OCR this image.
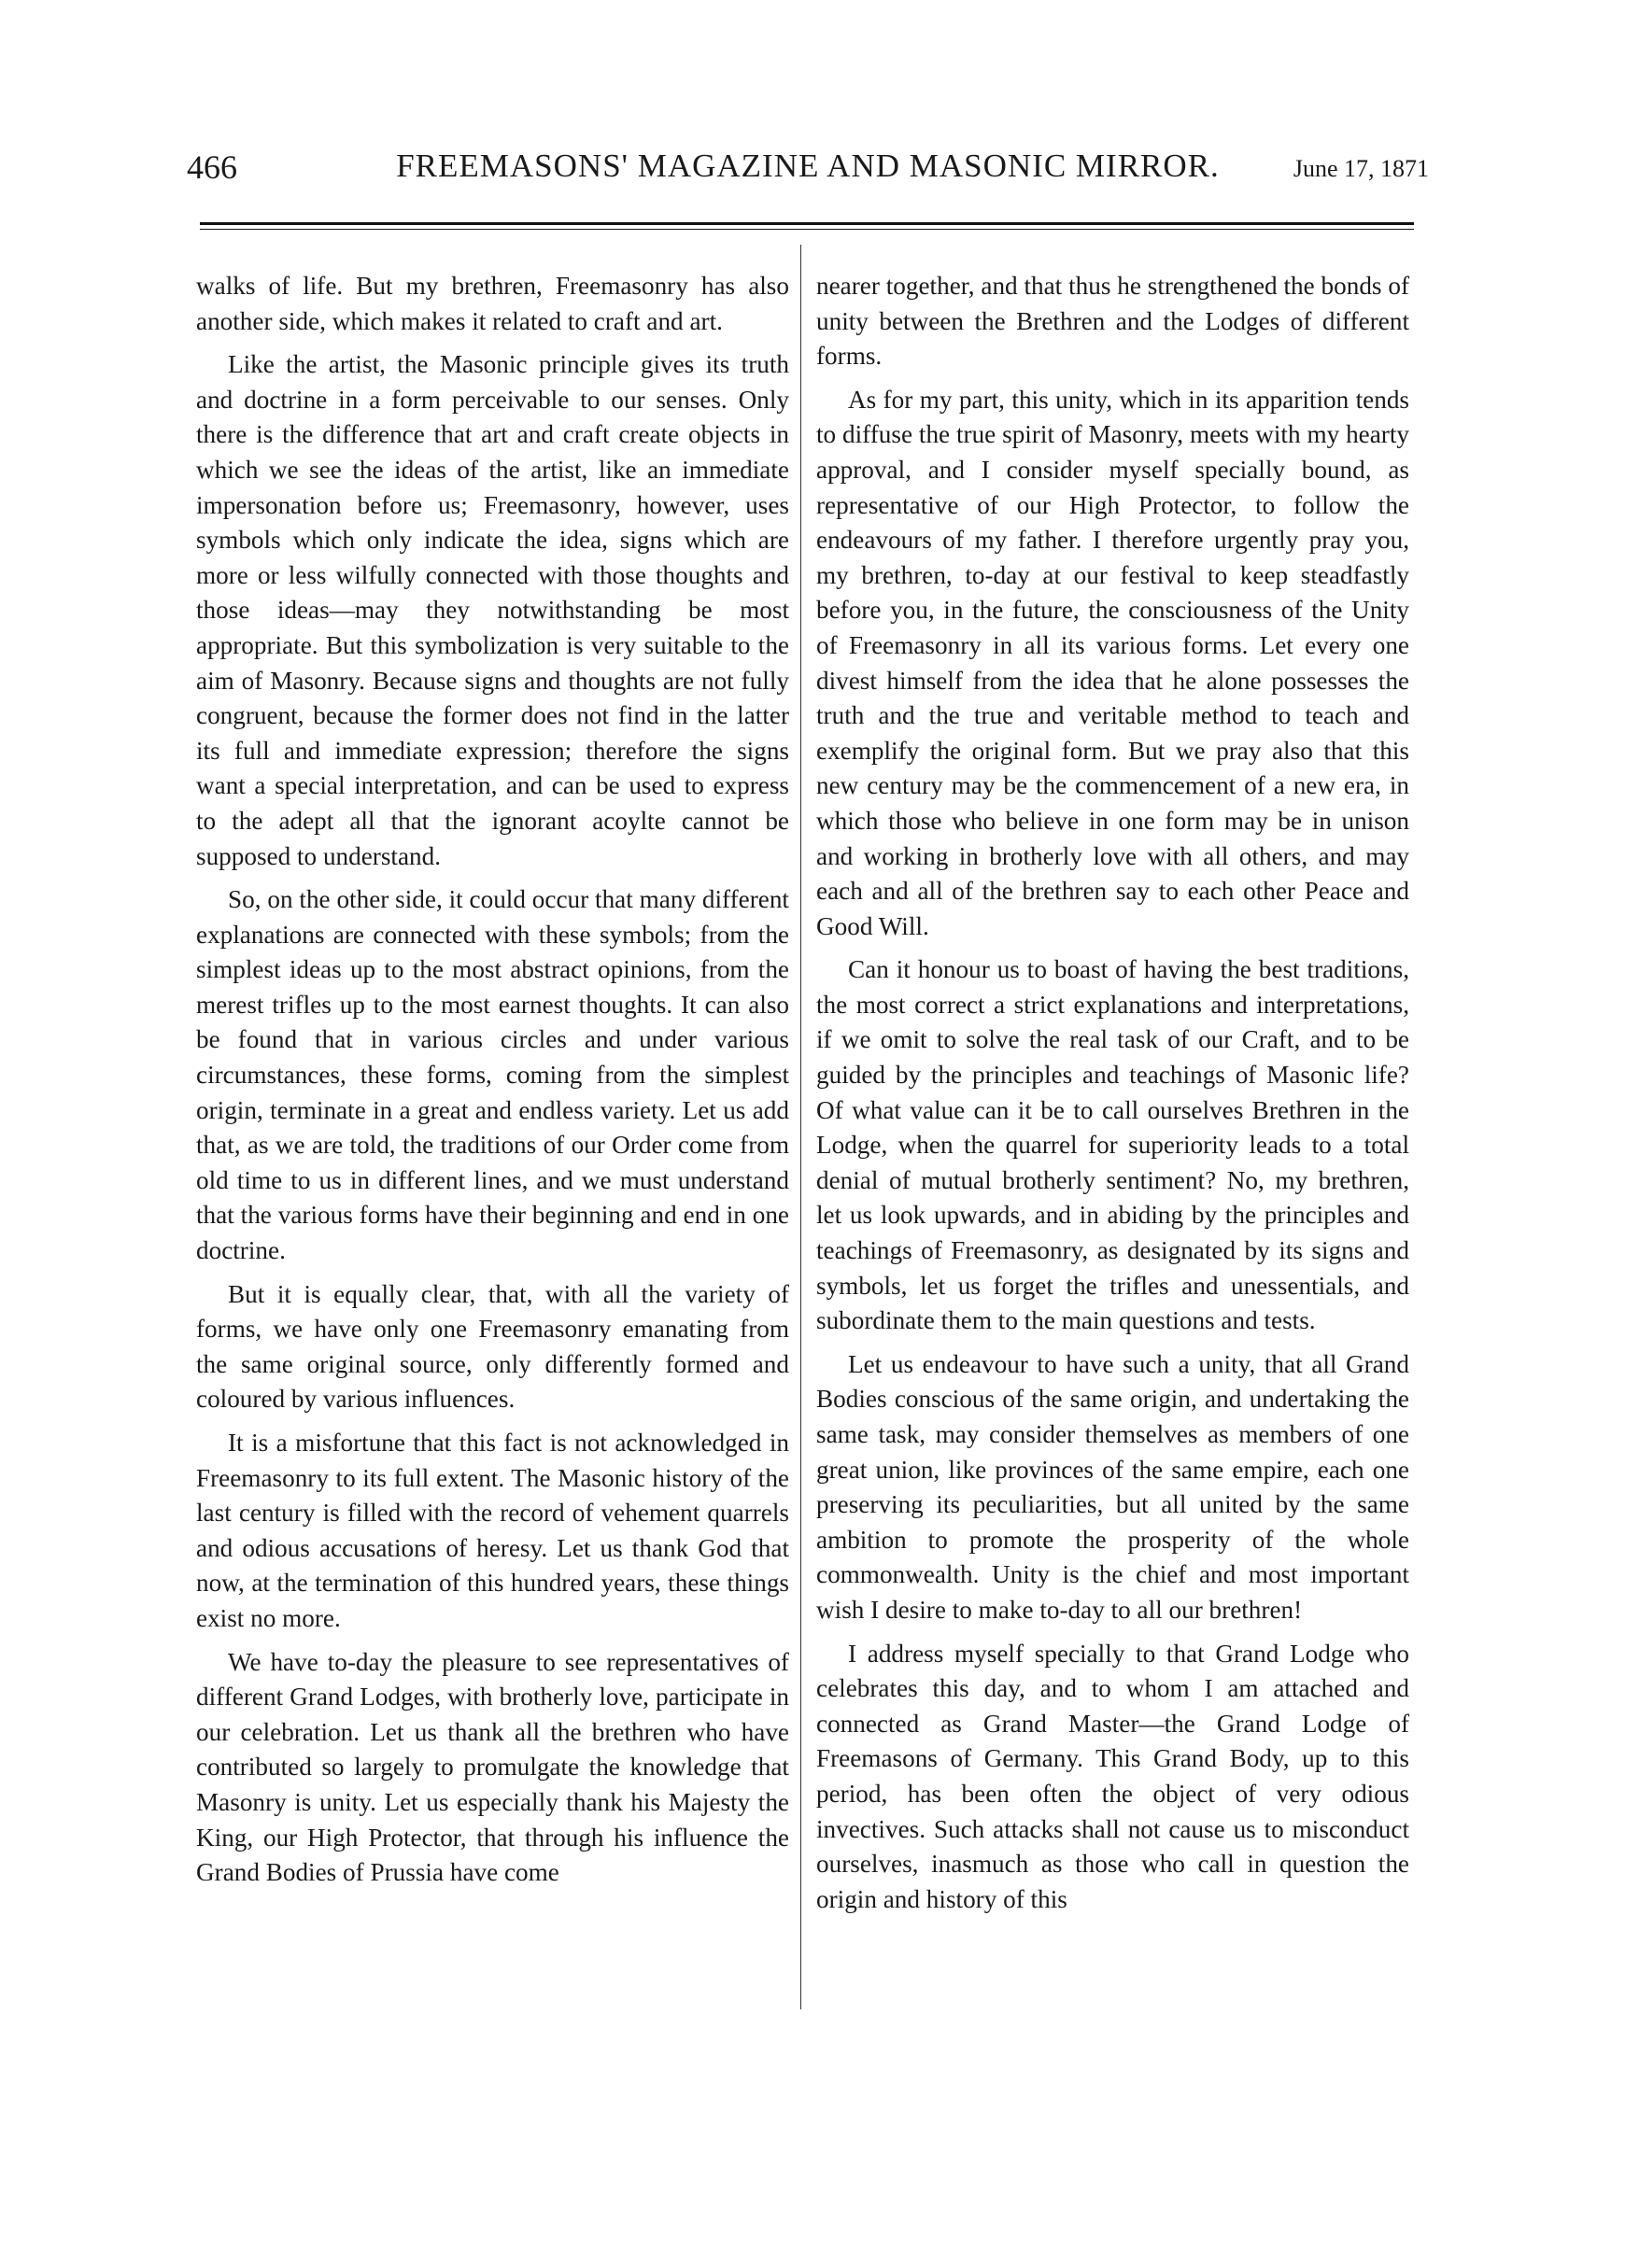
466	FREEMASONS' MAGAZINE AND MASONIC MIRROR.	June 17, 1871

walks of life. But my brethren, Freemasonry has also another side, which makes it related to craft and art.

Like the artist, the Masonic principle gives its truth and doctrine in a form perceivable to our senses. Only there is the difference that art and craft create objects in which we see the ideas of the artist, like an immediate impersonation before us; Freemasonry, however, uses symbols which only indicate the idea, signs which are more or less wilfully connected with those thoughts and those ideas—may they notwithstanding be most appropriate. But this symbolization is very suitable to the aim of Masonry. Because signs and thoughts are not fully congruent, because the former does not find in the latter its full and immediate expression; therefore the signs want a special interpretation, and can be used to express to the adept all that the ignorant acoylte cannot be supposed to understand.

So, on the other side, it could occur that many different explanations are connected with these symbols; from the simplest ideas up to the most abstract opinions, from the merest trifles up to the most earnest thoughts. It can also be found that in various circles and under various circumstances, these forms, coming from the simplest origin, terminate in a great and endless variety. Let us add that, as we are told, the traditions of our Order come from old time to us in different lines, and we must understand that the various forms have their beginning and end in one doctrine.

But it is equally clear, that, with all the variety of forms, we have only one Freemasonry emanating from the same original source, only differently formed and coloured by various influences.

It is a misfortune that this fact is not acknowledged in Freemasonry to its full extent. The Masonic history of the last century is filled with the record of vehement quarrels and odious accusations of heresy. Let us thank God that now, at the termination of this hundred years, these things exist no more.

We have to-day the pleasure to see representatives of different Grand Lodges, with brotherly love, participate in our celebration. Let us thank all the brethren who have contributed so largely to promulgate the knowledge that Masonry is unity. Let us especially thank his Majesty the King, our High Protector, that through his influence the Grand Bodies of Prussia have come

nearer together, and that thus he strengthened the bonds of unity between the Brethren and the Lodges of different forms.

As for my part, this unity, which in its apparition tends to diffuse the true spirit of Masonry, meets with my hearty approval, and I consider myself specially bound, as representative of our High Protector, to follow the endeavours of my father. I therefore urgently pray you, my brethren, to-day at our festival to keep steadfastly before you, in the future, the consciousness of the Unity of Freemasonry in all its various forms. Let every one divest himself from the idea that he alone possesses the truth and the true and veritable method to teach and exemplify the original form. But we pray also that this new century may be the commencement of a new era, in which those who believe in one form may be in unison and working in brotherly love with all others, and may each and all of the brethren say to each other Peace and Good Will.

Can it honour us to boast of having the best traditions, the most correct a strict explanations and interpretations, if we omit to solve the real task of our Craft, and to be guided by the principles and teachings of Masonic life? Of what value can it be to call ourselves Brethren in the Lodge, when the quarrel for superiority leads to a total denial of mutual brotherly sentiment? No, my brethren, let us look upwards, and in abiding by the principles and teachings of Freemasonry, as designated by its signs and symbols, let us forget the trifles and unessentials, and subordinate them to the main questions and tests.

Let us endeavour to have such a unity, that all Grand Bodies conscious of the same origin, and undertaking the same task, may consider themselves as members of one great union, like provinces of the same empire, each one preserving its peculiarities, but all united by the same ambition to promote the prosperity of the whole commonwealth. Unity is the chief and most important wish I desire to make to-day to all our brethren!

I address myself specially to that Grand Lodge who celebrates this day, and to whom I am attached and connected as Grand Master—the Grand Lodge of Freemasons of Germany. This Grand Body, up to this period, has been often the object of very odious invectives. Such attacks shall not cause us to misconduct ourselves, inasmuch as those who call in question the origin and history of this
